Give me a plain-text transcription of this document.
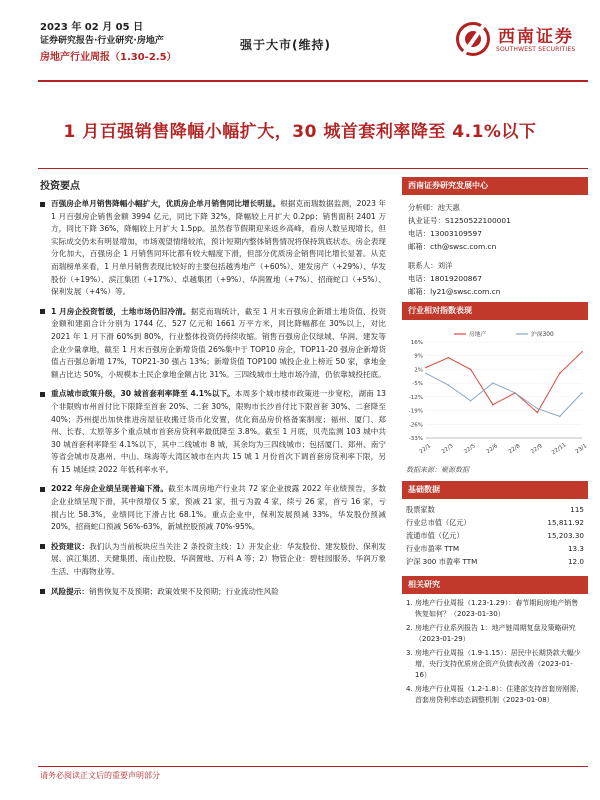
2023 年 02 月 05 日
证券研究报告·行业研究·房地产
房地产行业周报（1.30-2.5）
强于大市(维持)	西南证券
SOUTHWEST SECURITIES
1 月百强销售降幅小幅扩大，30 城首套利率降至 4.1%以下
投资要点
百强房企单月销售降幅小幅扩大，优质房企单月销售同比增长明显。根据克而瑞数据监测，2023 年 1 月百强房企销售金额 3994 亿元，同比下降 32%，降幅较上月扩大 0.2pp；销售面积 2401 万方，同比下降 36%，降幅较上月扩大 1.5pp。虽然春节假期迎来返乡高峰，看房人数呈现增长，但实际成交仍未有明显增加，市场观望情绪较浓，预计短期内整体销售情况将保持筑底状态。房企表现分化加大，百强房企 1 月销售同环比都有较大幅度下滑，但部分优质房企销售同比增长显著。从克而瑞榜单来看，1 月单月销售表现比较好的主要包括越秀地产（+60%）、建发房产（+29%）、华发股份（+19%）、滨江集团（+17%）、卓越集团（+9%）、华润置地（+7%）、招商蛇口（+5%）、保利发展（+4%）等。
1 月房企投资暂缓，土地市场仍旧冷清。据克而瑞统计，截至 1 月末百强房企新增土地货值、投资金额和建面合计分别为 1744 亿、527 亿元和 1661 万平方米，同比降幅都在 30%以上，对比 2021 年 1 月下滑 60%到 80%，行业整体投资仍持续收缩。销售百强房企仅绿城、华润、建发等企业少量拿地，截至 1 月末百强房企新增货值 26%集中于 TOP10 房企，TOP11-20 强房企新增货值占百强总新增 17%，TOP21-30 强占 13%；新增货值 TOP100 城投企业上榜近 50 家，拿地金额占比达 50%，小规模本土民企拿地金额占比 31%。三四线城市土地市场冷清，仍依靠城投托底。
重点城市政策升级，30 城首套利率降至 4.1%以下。本周多个城市楼市政策进一步宽松，湖南 13 个非限购市州首付比下限降至首套 20%、二套 30%，限购市长沙首付比下限首套 30%、二套降至 40%；苏州提出加快推进房屋征收搬迁货币化安置，优化商品房价格备案制度；福州、厦门、郑州、长春、太原等多个重点城市首套房贷利率最低降至 3.8%。截至 1 月底，贝壳监测 103 城中共 30 城首套利率降至 4.1%以下，其中二线城市 8 城，其余均为三四线城市；包括厦门、郑州、南宁等省会城市及惠州、中山、珠海等大湾区城市在内共 15 城 1 月份首次下调首套房贷利率下限，另有 15 城延续 2022 年低利率水平。
2022 年房企业绩呈现普遍下滑。截至本周房地产行业共 72 家企业披露 2022 年业绩预告，多数企业业绩呈现下滑，其中预增仅 5 家，预减 21 家，扭亏为盈 4 家，续亏 26 家，首亏 16 家，亏损占比 58.3%，业绩同比下滑占比 68.1%。重点企业中，保利发展预减 33%，华发股份预减 20%，招商蛇口预减 56%-63%，新城控股预减 70%-95%。
投资建议：我们认为当前板块应当关注 2 条投资主线：1）开发企业：华发股份、建发股份、保利发展、滨江集团、天健集团、南山控股、华润置地、万科 A 等；2）物管企业：碧桂园服务、华润万象生活、中海物业等。
风险提示：销售恢复不及预期；政策效果不及预期；行业流动性风险
西南证券研究发展中心
分析师：池天惠
执业证号：S1250522100001
电话：13003109597
邮箱：cth@swsc.com.cn
联系人：刘洋
电话：18019200867
邮箱：ly21@swsc.com.cn
行业相对指数表现
16%
9%
2%
-5%
-12%
-19%
-26%
-33%
22/1 22/3 22/5 22/6 22/8 22/9 22/11 23/1
房地产	沪深300
数据来源：聚源数据
基础数据
股票家数	115
行业总市值（亿元）	15,811.92
流通市值（亿元）	15,203.30
行业市盈率 TTM	13.3
沪深 300 市盈率 TTM	12.0
相关研究
1. 房地产行业周报（1.23-1.29）：春节期间房地产销售恢复如何？（2023-01-30）
2. 房地产行业系列报告 1：地产链周期复盘及策略研究（2023-01-29）
3. 房地产行业周报（1.9-1.15）：居民中长期贷款大幅少增，央行支持优质房企资产负债表改善（2023-01-16）
4. 房地产行业周报（1.2-1.8）：住建部支持首套房刚需，首套房贷利率动态调整机制（2023-01-08）
请务必阅读正文后的重要声明部分
